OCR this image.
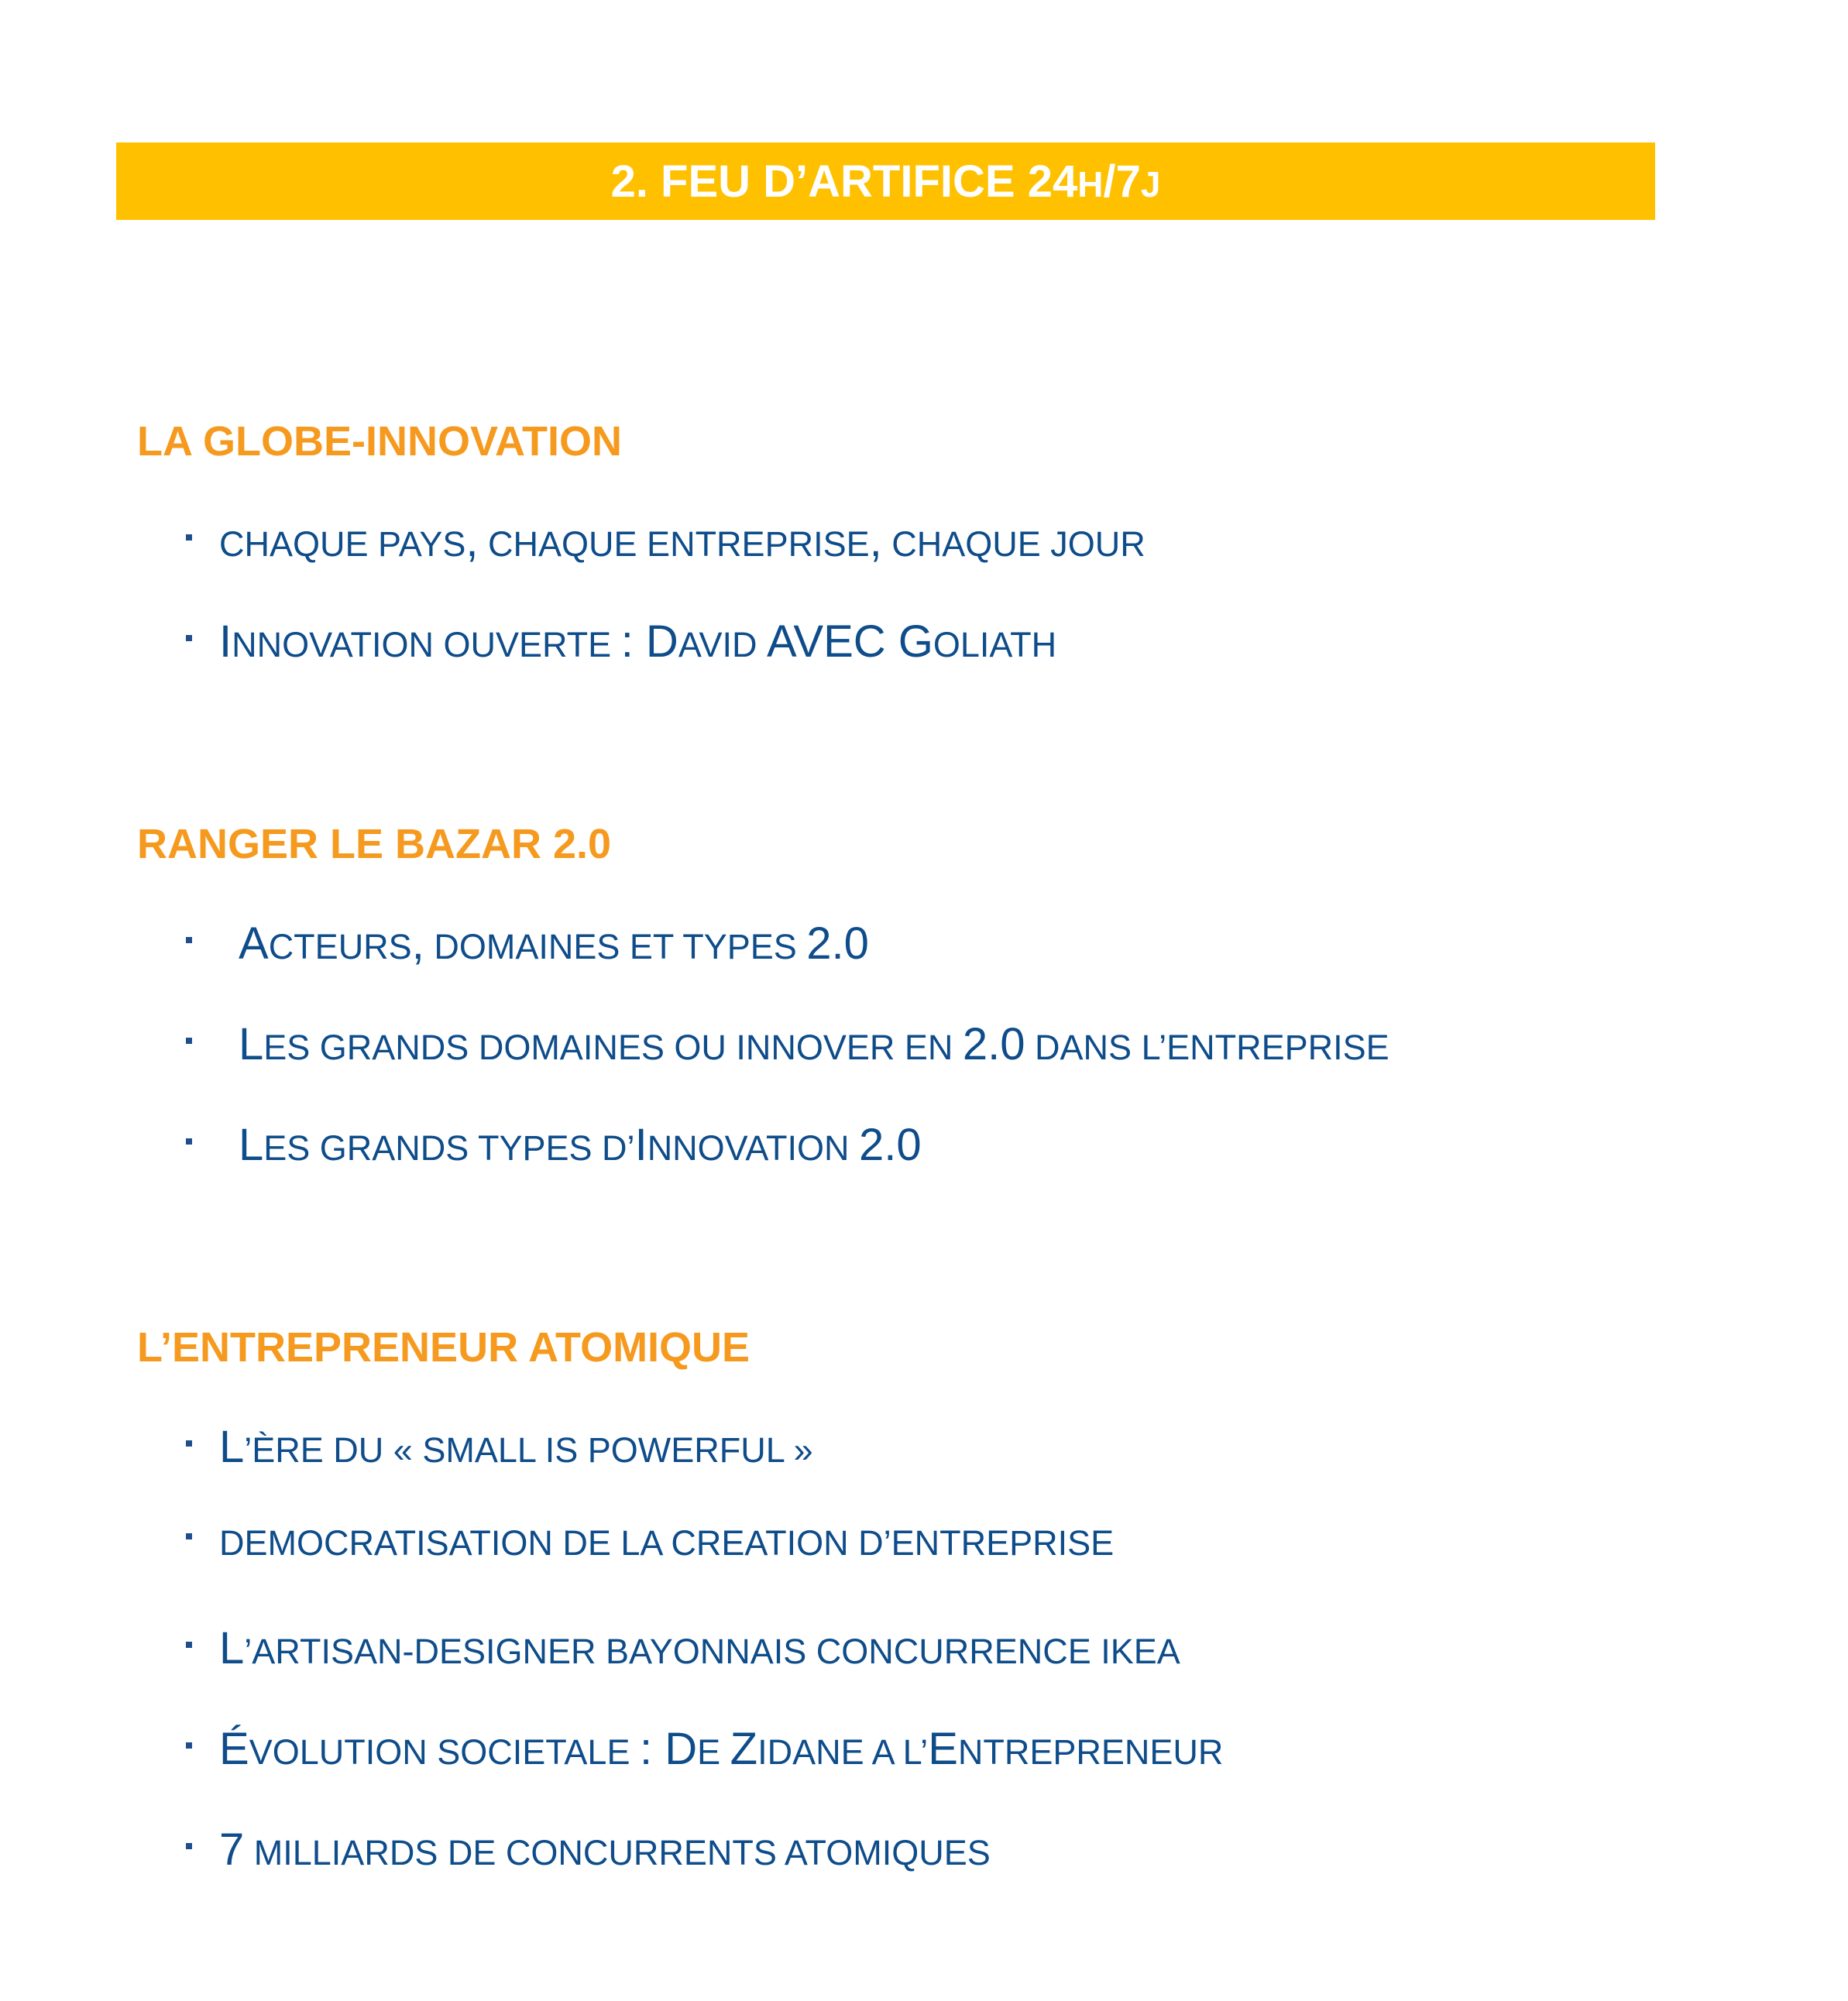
2. FEU D’ARTIFICE 24H/7J
LA GLOBE-INNOVATION
CHAQUE PAYS, CHAQUE ENTREPRISE, CHAQUE JOUR
INNOVATION OUVERTE : DAVID AVEC GOLIATH
RANGER LE BAZAR 2.0
ACTEURS, DOMAINES ET TYPES 2.0
LES GRANDS DOMAINES OU INNOVER EN 2.0 DANS L’ENTREPRISE
LES GRANDS TYPES D’INNOVATION 2.0
L’ENTREPRENEUR ATOMIQUE
L’ÈRE DU « SMALL IS POWERFUL »
DEMOCRATISATION DE LA CREATION D’ENTREPRISE
L’ARTISAN-DESIGNER BAYONNAIS CONCURRENCE IKEA
ÉVOLUTION SOCIETALE : DE ZIDANE A L’ENTREPRENEUR
7 MILLIARDS DE CONCURRENTS ATOMIQUES
